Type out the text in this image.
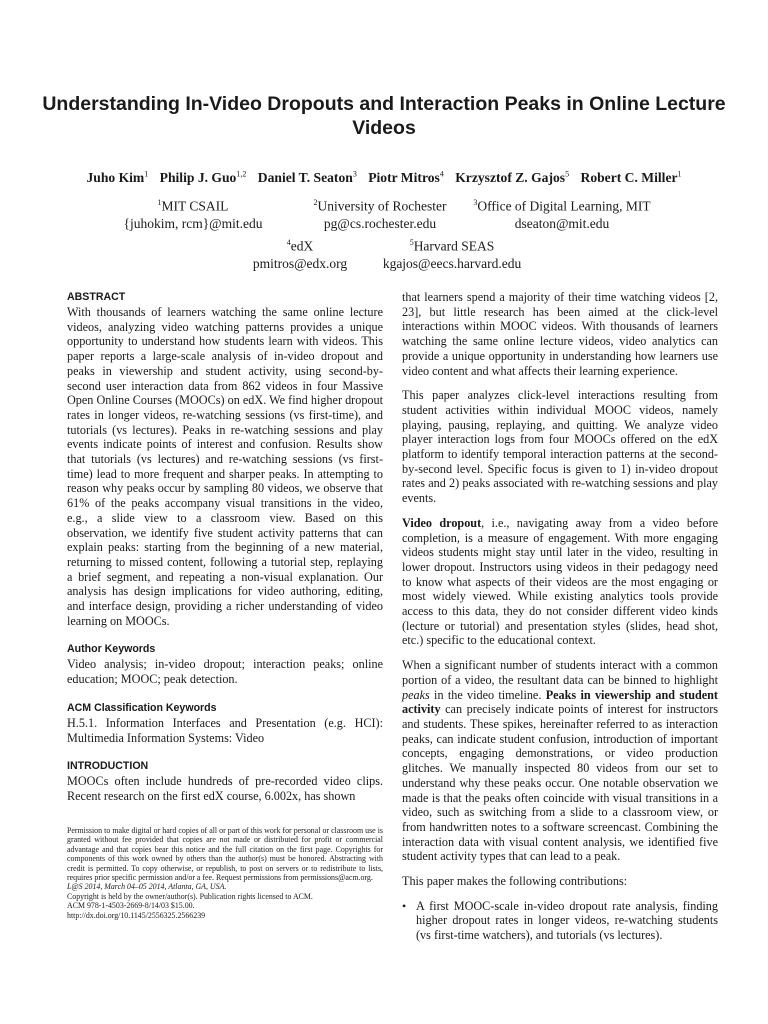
Understanding In-Video Dropouts and Interaction Peaks in Online Lecture Videos
Juho Kim$^1$ Philip J. Guo$^{1,2}$ Daniel T. Seaton$^3$ Piotr Mitros$^4$ Krzysztof Z. Gajos$^5$ Robert C. Miller$^1$
$^1$MIT CSAIL
{juhokim, rcm}@mit.edu
$^2$University of Rochester
pg@cs.rochester.edu
$^3$Office of Digital Learning, MIT
dseaton@mit.edu
$^4$edX
pmitros@edx.org
$^5$Harvard SEAS
kgajos@eecs.harvard.edu
ABSTRACT
With thousands of learners watching the same online lecture videos, analyzing video watching patterns provides a unique opportunity to understand how students learn with videos. This paper reports a large-scale analysis of in-video dropout and peaks in viewership and student activity, using second-by-second user interaction data from 862 videos in four Massive Open Online Courses (MOOCs) on edX. We find higher dropout rates in longer videos, re-watching sessions (vs first-time), and tutorials (vs lectures). Peaks in re-watching sessions and play events indicate points of interest and confusion. Results show that tutorials (vs lectures) and re-watching sessions (vs first-time) lead to more frequent and sharper peaks. In attempting to reason why peaks occur by sampling 80 videos, we observe that 61% of the peaks accompany visual transitions in the video, e.g., a slide view to a classroom view. Based on this observation, we identify five student activity patterns that can explain peaks: starting from the beginning of a new material, returning to missed content, following a tutorial step, replaying a brief segment, and repeating a non-visual explanation. Our analysis has design implications for video authoring, editing, and interface design, providing a richer understanding of video learning on MOOCs.
Author Keywords
Video analysis; in-video dropout; interaction peaks; online education; MOOC; peak detection.
ACM Classification Keywords
H.5.1. Information Interfaces and Presentation (e.g. HCI): Multimedia Information Systems: Video
INTRODUCTION
MOOCs often include hundreds of pre-recorded video clips. Recent research on the first edX course, 6.002x, has shown
Permission to make digital or hard copies of all or part of this work for personal or classroom use is granted without fee provided that copies are not made or distributed for profit or commercial advantage and that copies bear this notice and the full citation on the first page. Copyrights for components of this work owned by others than the author(s) must be honored. Abstracting with credit is permitted. To copy otherwise, or republish, to post on servers or to redistribute to lists, requires prior specific permission and/or a fee. Request permissions from permissions@acm.org.
L@S 2014, March 04–05 2014, Atlanta, GA, USA.
Copyright is held by the owner/author(s). Publication rights licensed to ACM.
ACM 978-1-4503-2669-8/14/03 $15.00.
http://dx.doi.org/10.1145/2556325.2566239
that learners spend a majority of their time watching videos [2, 23], but little research has been aimed at the click-level interactions within MOOC videos. With thousands of learners watching the same online lecture videos, video analytics can provide a unique opportunity in understanding how learners use video content and what affects their learning experience.
This paper analyzes click-level interactions resulting from student activities within individual MOOC videos, namely playing, pausing, replaying, and quitting. We analyze video player interaction logs from four MOOCs offered on the edX platform to identify temporal interaction patterns at the second-by-second level. Specific focus is given to 1) in-video dropout rates and 2) peaks associated with re-watching sessions and play events.
Video dropout, i.e., navigating away from a video before completion, is a measure of engagement. With more engaging videos students might stay until later in the video, resulting in lower dropout. Instructors using videos in their pedagogy need to know what aspects of their videos are the most engaging or most widely viewed. While existing analytics tools provide access to this data, they do not consider different video kinds (lecture or tutorial) and presentation styles (slides, head shot, etc.) specific to the educational context.
When a significant number of students interact with a common portion of a video, the resultant data can be binned to highlight peaks in the video timeline. Peaks in viewership and student activity can precisely indicate points of interest for instructors and students. These spikes, hereinafter referred to as interaction peaks, can indicate student confusion, introduction of important concepts, engaging demonstrations, or video production glitches. We manually inspected 80 videos from our set to understand why these peaks occur. One notable observation we made is that the peaks often coincide with visual transitions in a video, such as switching from a slide to a classroom view, or from handwritten notes to a software screencast. Combining the interaction data with visual content analysis, we identified five student activity types that can lead to a peak.
This paper makes the following contributions:
• A first MOOC-scale in-video dropout rate analysis, finding higher dropout rates in longer videos, re-watching students (vs first-time watchers), and tutorials (vs lectures).
